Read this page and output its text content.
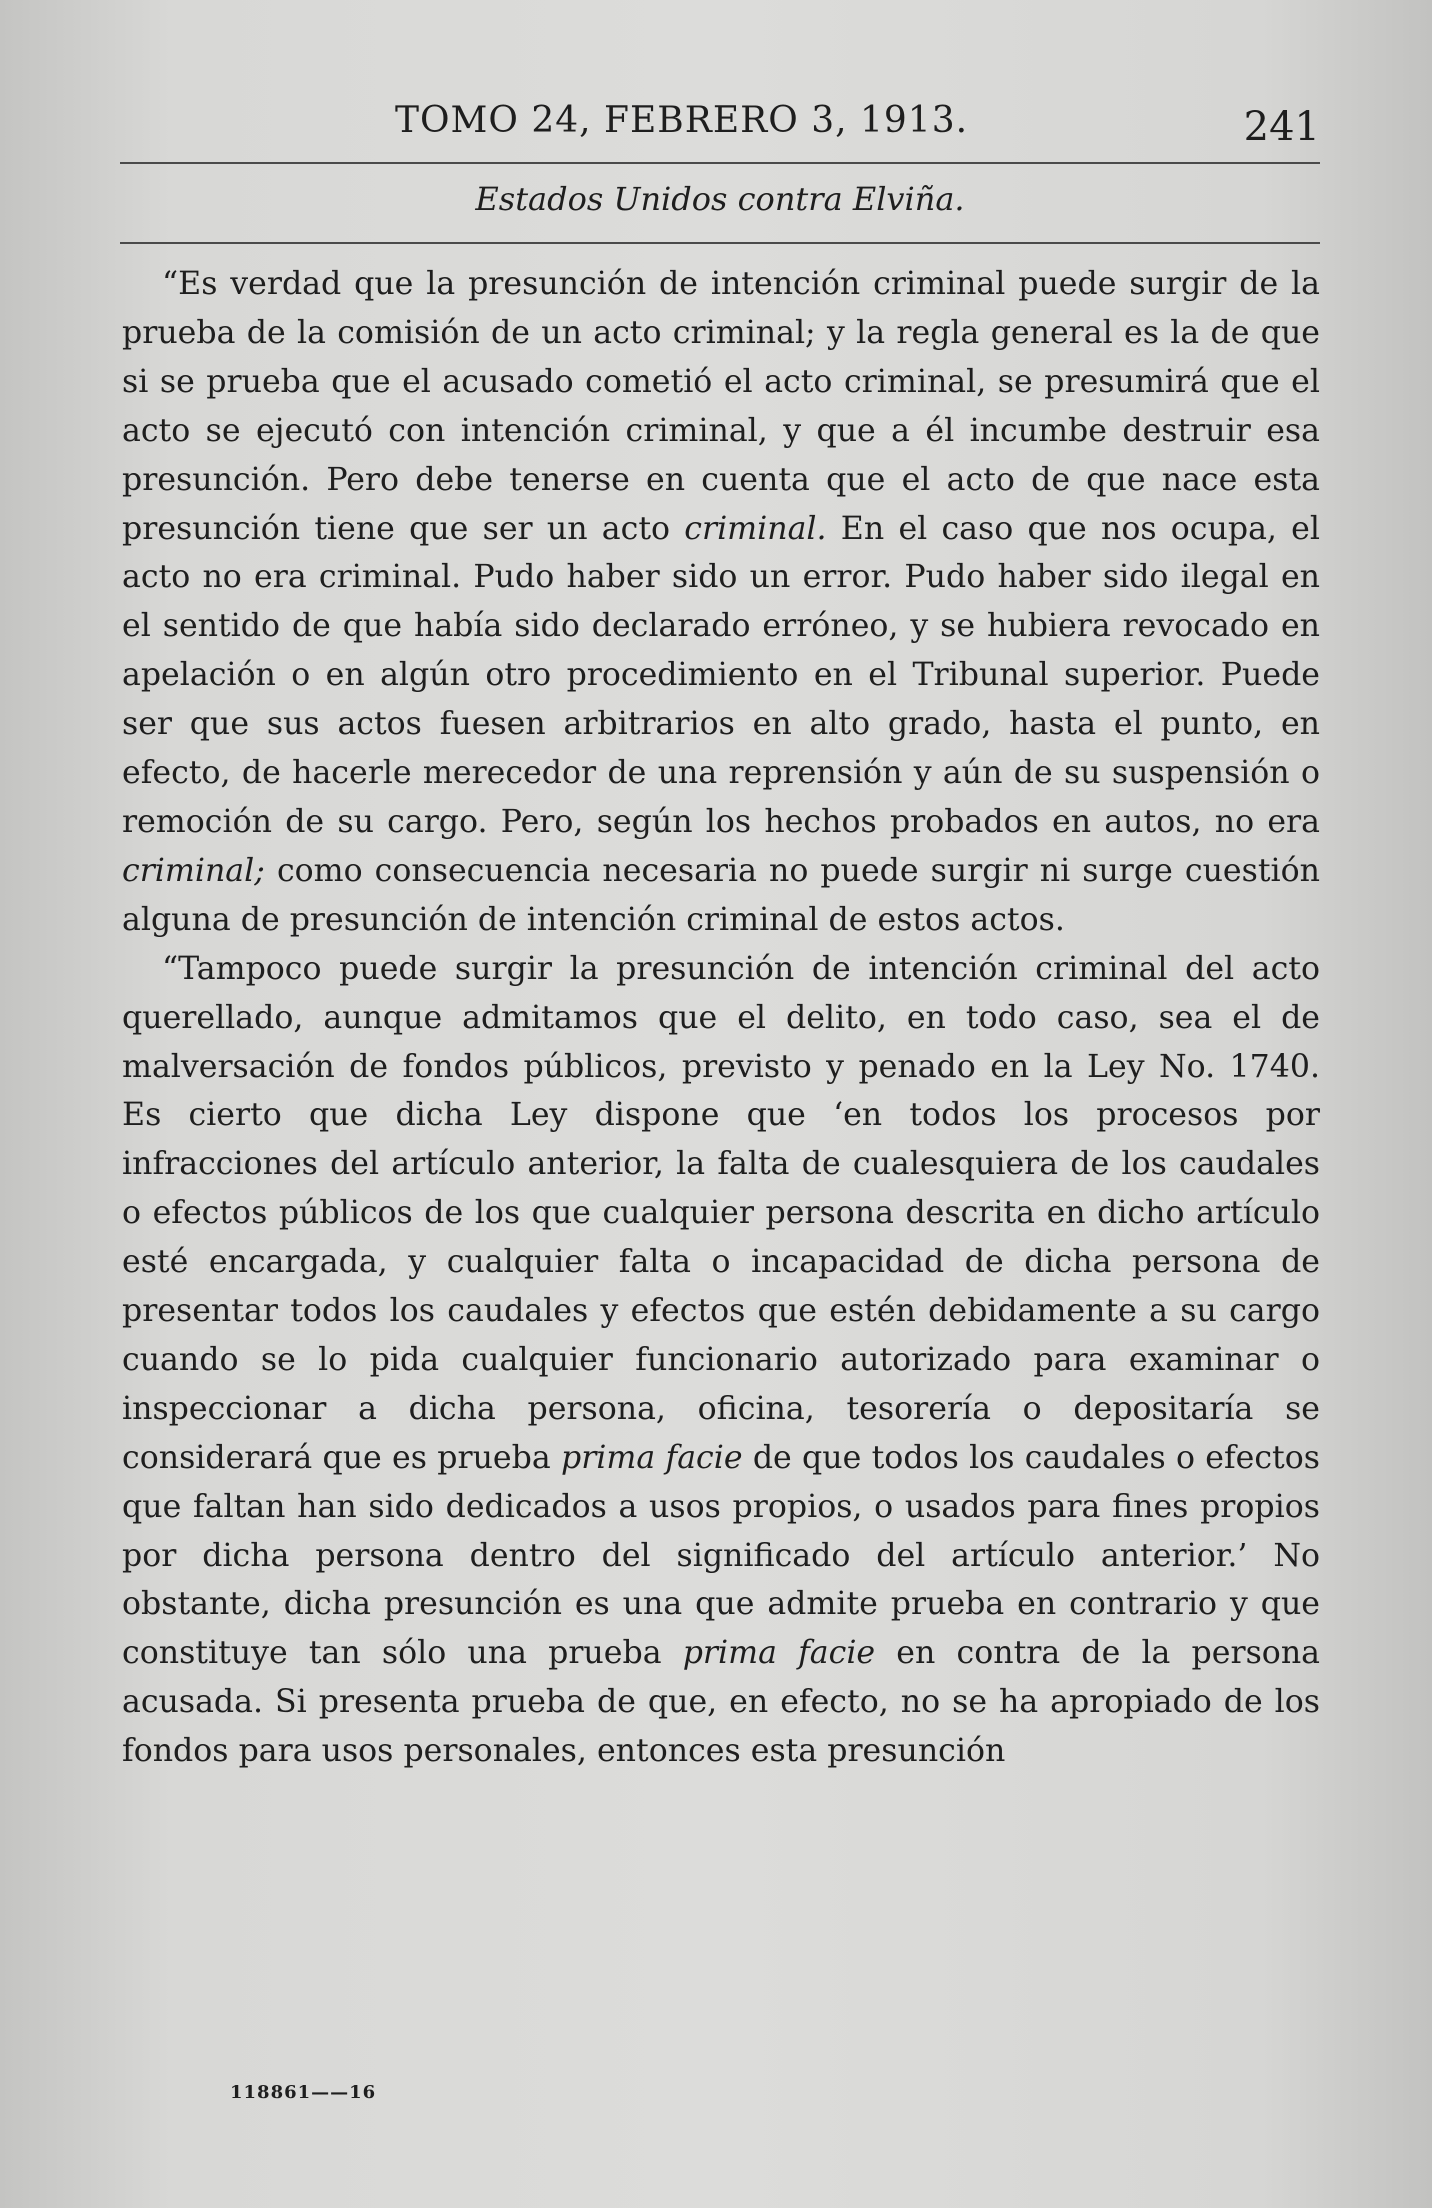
TOMO 24, FEBRERO 3, 1913.	241
Estados Unidos contra Elviña.

“Es verdad que la presunción de intención criminal puede surgir de la prueba de la comisión de un acto criminal; y la regla general es la de que si se prueba que el acusado cometió el acto criminal, se presumirá que el acto se ejecutó con intención criminal, y que a él incumbe destruir esa presunción. Pero debe tenerse en cuenta que el acto de que nace esta presunción tiene que ser un acto criminal. En el caso que nos ocupa, el acto no era criminal. Pudo haber sido un error. Pudo haber sido ilegal en el sentido de que había sido declarado erróneo, y se hubiera revocado en apelación o en algún otro procedimiento en el Tribunal superior. Puede ser que sus actos fuesen arbitrarios en alto grado, hasta el punto, en efecto, de hacerle merecedor de una reprensión y aún de su suspensión o remoción de su cargo. Pero, según los hechos probados en autos, no era criminal; como consecuencia necesaria no puede surgir ni surge cuestión alguna de presunción de intención criminal de estos actos.

“Tampoco puede surgir la presunción de intención criminal del acto querellado, aunque admitamos que el delito, en todo caso, sea el de malversación de fondos públicos, previsto y penado en la Ley No. 1740. Es cierto que dicha Ley dispone que ‘en todos los procesos por infracciones del artículo anterior, la falta de cualesquiera de los caudales o efectos públicos de los que cualquier persona descrita en dicho artículo esté encargada, y cualquier falta o incapacidad de dicha persona de presentar todos los caudales y efectos que estén debidamente a su cargo cuando se lo pida cualquier funcionario autorizado para examinar o inspeccionar a dicha persona, oficina, tesorería o depositaría se considerará que es prueba prima facie de que todos los caudales o efectos que faltan han sido dedicados a usos propios, o usados para fines propios por dicha persona dentro del significado del artículo anterior.’ No obstante, dicha presunción es una que admite prueba en contrario y que constituye tan sólo una prueba prima facie en contra de la persona acusada. Si presenta prueba de que, en efecto, no se ha apropiado de los fondos para usos personales, entonces esta presunción

118861——16
